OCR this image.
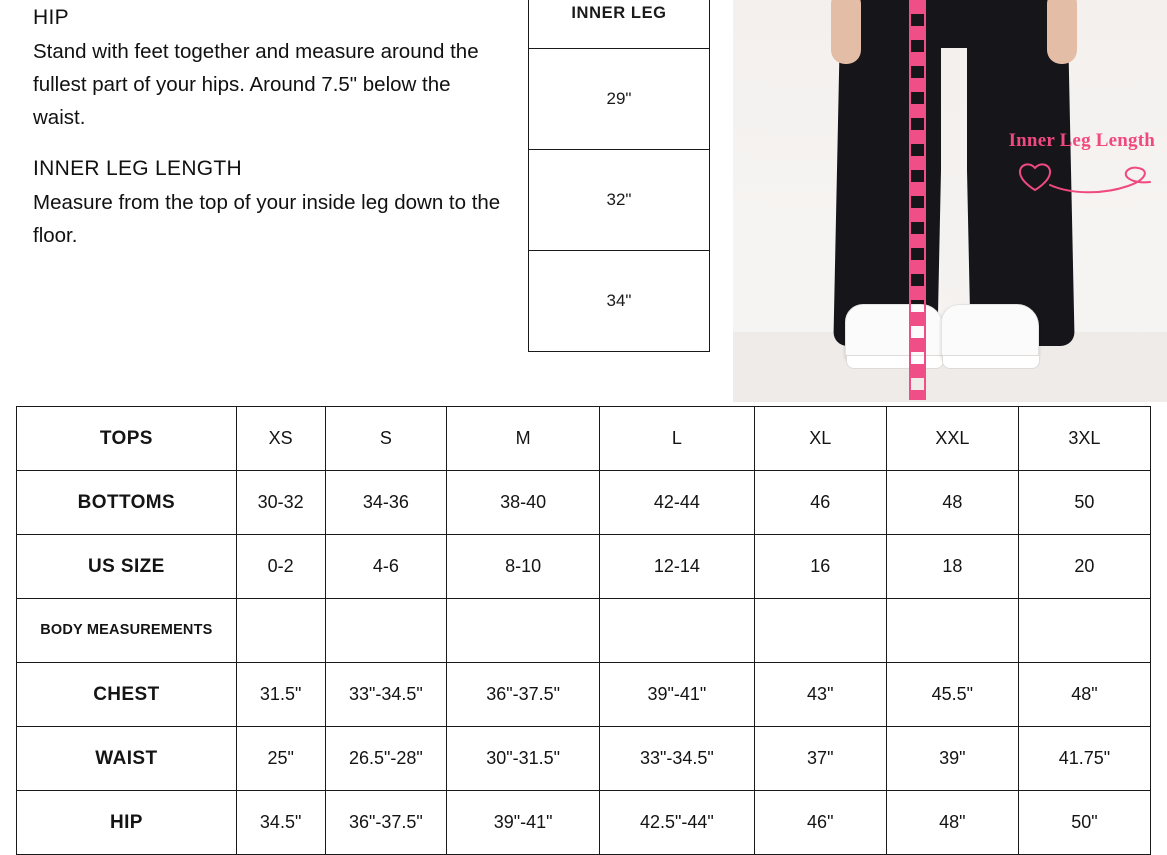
HIP
Stand with feet together and measure around the fullest part of your hips. Around 7.5" below the waist.
INNER LEG LENGTH
Measure from the top of your inside leg down to the floor.
INNER LEG
29"
32"
34"
Inner Leg Length
TOPS	XS	S	M	L	XL	XXL	3XL
BOTTOMS	30-32	34-36	38-40	42-44	46	48	50
US SIZE	0-2	4-6	8-10	12-14	16	18	20
BODY MEASUREMENTS							
CHEST	31.5"	33"-34.5"	36"-37.5"	39"-41"	43"	45.5"	48"
WAIST	25"	26.5"-28"	30"-31.5"	33"-34.5"	37"	39"	41.75"
HIP	34.5"	36"-37.5"	39"-41"	42.5"-44"	46"	48"	50"
